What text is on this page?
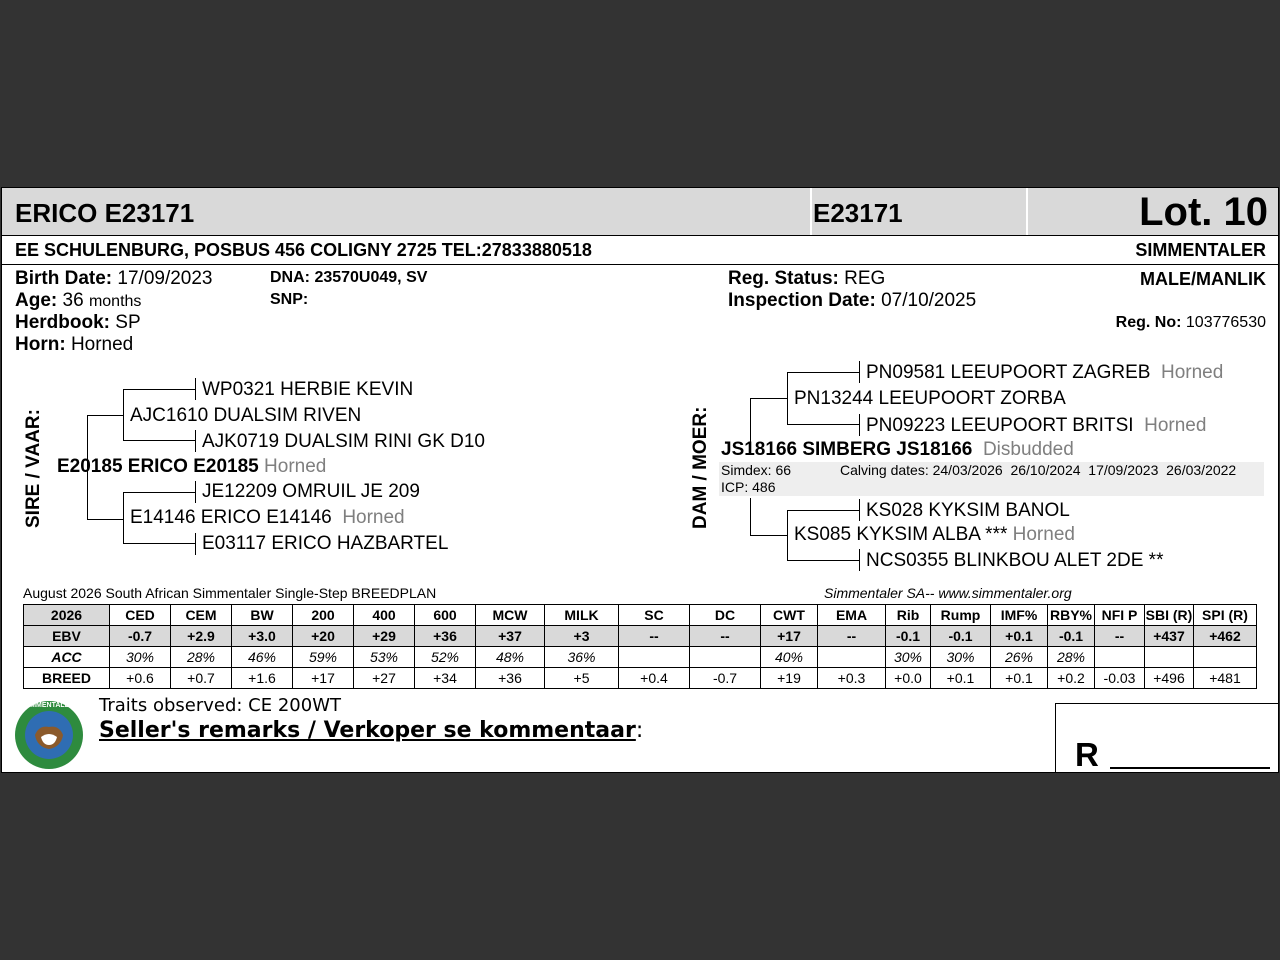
ERICO E23171	E23171	Lot. 10
EE SCHULENBURG, POSBUS 456 COLIGNY 2725 TEL:27833880518	SIMMENTALER
Birth Date: 17/09/2023
Age: 36 months
Herdbook: SP
Horn: Horned
DNA: 23570U049, SV
SNP:
Reg. Status: REG
Inspection Date: 07/10/2025
MALE/MANLIK
Reg. No: 103776530
SIRE / VAAR:
WP0321 HERBIE KEVIN
AJC1610 DUALSIM RIVEN
AJK0719 DUALSIM RINI GK D10
E20185 ERICO E20185 Horned
JE12209 OMRUIL JE 209
E14146 ERICO E14146 Horned
E03117 ERICO HAZBARTEL
DAM / MOER:
PN09581 LEEUPOORT ZAGREB Horned
PN13244 LEEUPOORT ZORBA
PN09223 LEEUPOORT BRITSI Horned
JS18166 SIMBERG JS18166 Disbudded
Simdex: 66	Calving dates: 24/03/2026  26/10/2024  17/09/2023  26/03/2022
ICP: 486
KS028 KYKSIM BANOL
KS085 KYKSIM ALBA *** Horned
NCS0355 BLINKBOU ALET 2DE **
August 2026 South African Simmentaler Single-Step BREEDPLAN	Simmentaler SA-- www.simmentaler.org
2026	CED	CEM	BW	200	400	600	MCW	MILK	SC	DC	CWT	EMA	Rib	Rump	IMF%	RBY%	NFI P	SBI (R)	SPI (R)
EBV	-0.7	+2.9	+3.0	+20	+29	+36	+37	+3	--	--	+17	--	-0.1	-0.1	+0.1	-0.1	--	+437	+462
ACC	30%	28%	46%	59%	53%	52%	48%	36%			40%		30%	30%	26%	28%			
BREED	+0.6	+0.7	+1.6	+17	+27	+34	+36	+5	+0.4	-0.7	+19	+0.3	+0.0	+0.1	+0.1	+0.2	-0.03	+496	+481
SIMMENTALER	Traits observed: CE 200WT
Seller's remarks / Verkoper se kommentaar:
R
